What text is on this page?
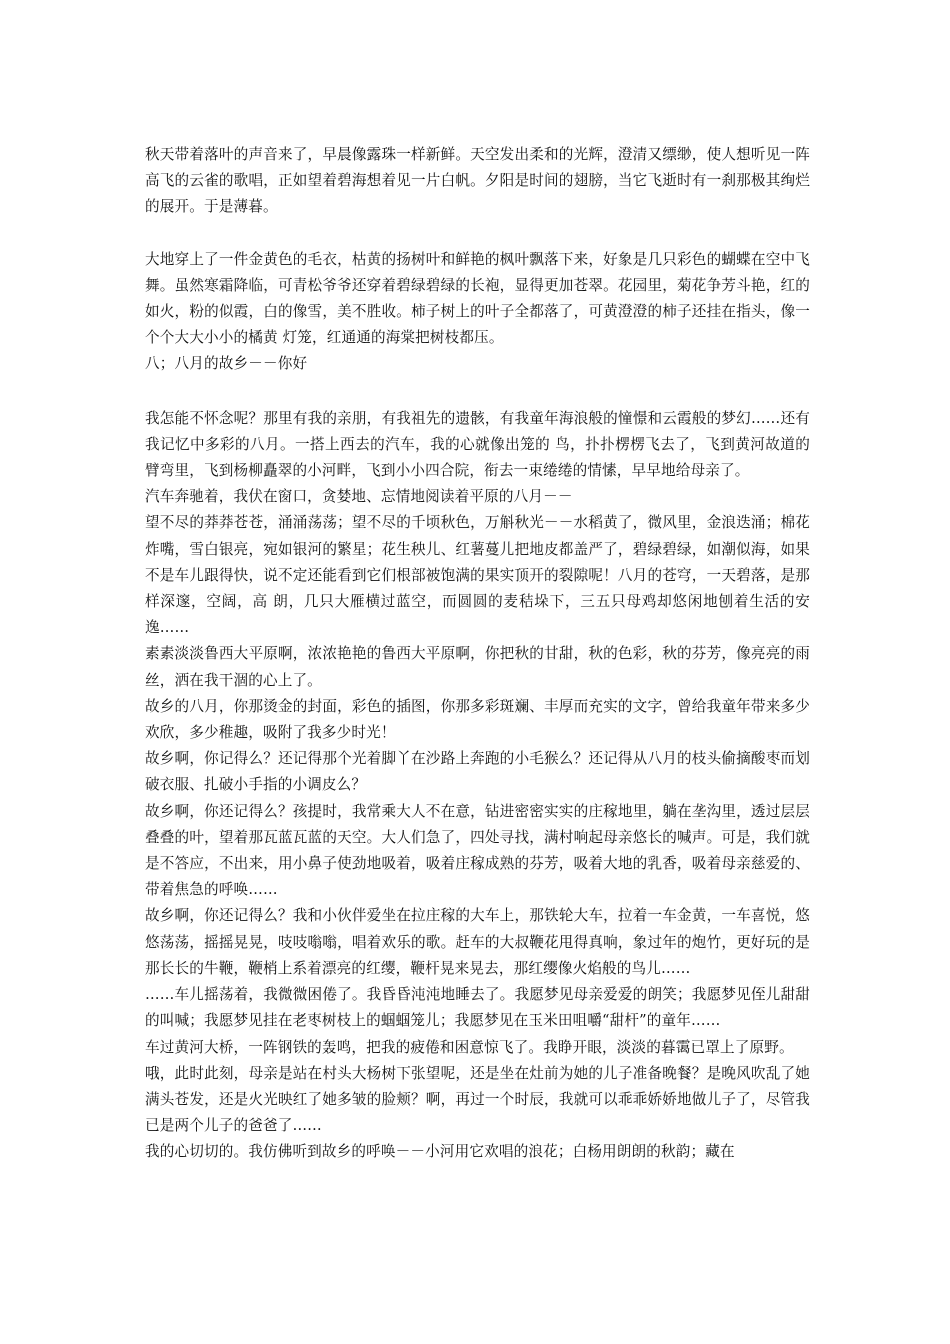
秋天带着落叶的声音来了，早晨像露珠一样新鲜。天空发出柔和的光辉，澄清又缥缈，使人想听见一阵高飞的云雀的歌唱，正如望着碧海想着见一片白帆。夕阳是时间的翅膀，当它飞逝时有一刹那极其绚烂的展开。于是薄暮。

大地穿上了一件金黄色的毛衣，枯黄的扬树叶和鲜艳的枫叶飘落下来，好象是几只彩色的蝴蝶在空中飞舞。虽然寒霜降临，可青松爷爷还穿着碧绿碧绿的长袍，显得更加苍翠。花园里，菊花争芳斗艳，红的如火，粉的似霞，白的像雪，美不胜收。柿子树上的叶子全都落了，可黄澄澄的柿子还挂在指头，像一个个大大小小的橘黄 灯笼，红通通的海棠把树枝都压。

八；八月的故乡－－你好

我怎能不怀念呢？那里有我的亲朋，有我祖先的遗骸，有我童年海浪般的憧憬和云霞般的梦幻……还有我记忆中多彩的八月。一搭上西去的汽车，我的心就像出笼的 鸟，扑扑楞楞飞去了，飞到黄河故道的臂弯里，飞到杨柳矗翠的小河畔，飞到小小四合院，衔去一束绻绻的情愫，早早地给母亲了。

汽车奔驰着，我伏在窗口，贪婪地、忘情地阅读着平原的八月－－

望不尽的莽莽苍苍，涌涌荡荡；望不尽的千顷秋色，万斛秋光－－水稻黄了，微风里，金浪迭涌；棉花炸嘴，雪白银亮，宛如银河的繁星；花生秧儿、红薯蔓儿把地皮都盖严了，碧绿碧绿，如潮似海，如果不是车儿跟得快，说不定还能看到它们根部被饱满的果实顶开的裂隙呢！八月的苍穹，一天碧落，是那样深邃，空阔，高 朗，几只大雁横过蓝空，而圆圆的麦秸垛下，三五只母鸡却悠闲地刨着生活的安逸……

素素淡淡鲁西大平原啊，浓浓艳艳的鲁西大平原啊，你把秋的甘甜，秋的色彩，秋的芬芳，像亮亮的雨丝，洒在我干涸的心上了。

故乡的八月，你那烫金的封面，彩色的插图，你那多彩斑斓、丰厚而充实的文字，曾给我童年带来多少欢欣，多少稚趣，吸附了我多少时光！

故乡啊，你记得么？还记得那个光着脚丫在沙路上奔跑的小毛猴么？还记得从八月的枝头偷摘酸枣而划破衣服、扎破小手指的小调皮么？

故乡啊，你还记得么？孩提时，我常乘大人不在意，钻进密密实实的庄稼地里，躺在垄沟里，透过层层叠叠的叶，望着那瓦蓝瓦蓝的天空。大人们急了，四处寻找，满村响起母亲悠长的喊声。可是，我们就是不答应，不出来，用小鼻子使劲地吸着，吸着庄稼成熟的芬芳，吸着大地的乳香，吸着母亲慈爱的、带着焦急的呼唤……

故乡啊，你还记得么？我和小伙伴爱坐在拉庄稼的大车上，那铁轮大车，拉着一车金黄，一车喜悦，悠悠荡荡，摇摇晃晃，吱吱嗡嗡，唱着欢乐的歌。赶车的大叔鞭花甩得真响，象过年的炮竹，更好玩的是那长长的牛鞭，鞭梢上系着漂亮的红缨，鞭杆晃来晃去，那红缨像火焰般的鸟儿……

……车儿摇荡着，我微微困倦了。我昏昏沌沌地睡去了。我愿梦见母亲爱爱的朗笑；我愿梦见侄儿甜甜的叫喊；我愿梦见挂在老枣树枝上的蝈蝈笼儿；我愿梦见在玉米田咀嚼“甜杆”的童年……

车过黄河大桥，一阵钢铁的轰鸣，把我的疲倦和困意惊飞了。我睁开眼，淡淡的暮霭已罩上了原野。

哦，此时此刻，母亲是站在村头大杨树下张望呢，还是坐在灶前为她的儿子准备晚餐？是晚风吹乱了她满头苍发，还是火光映红了她多皱的脸颊？啊，再过一个时辰，我就可以乖乖娇娇地做儿子了，尽管我已是两个儿子的爸爸了……

我的心切切的。我仿佛听到故乡的呼唤－－小河用它欢唱的浪花；白杨用朗朗的秋韵；藏在
